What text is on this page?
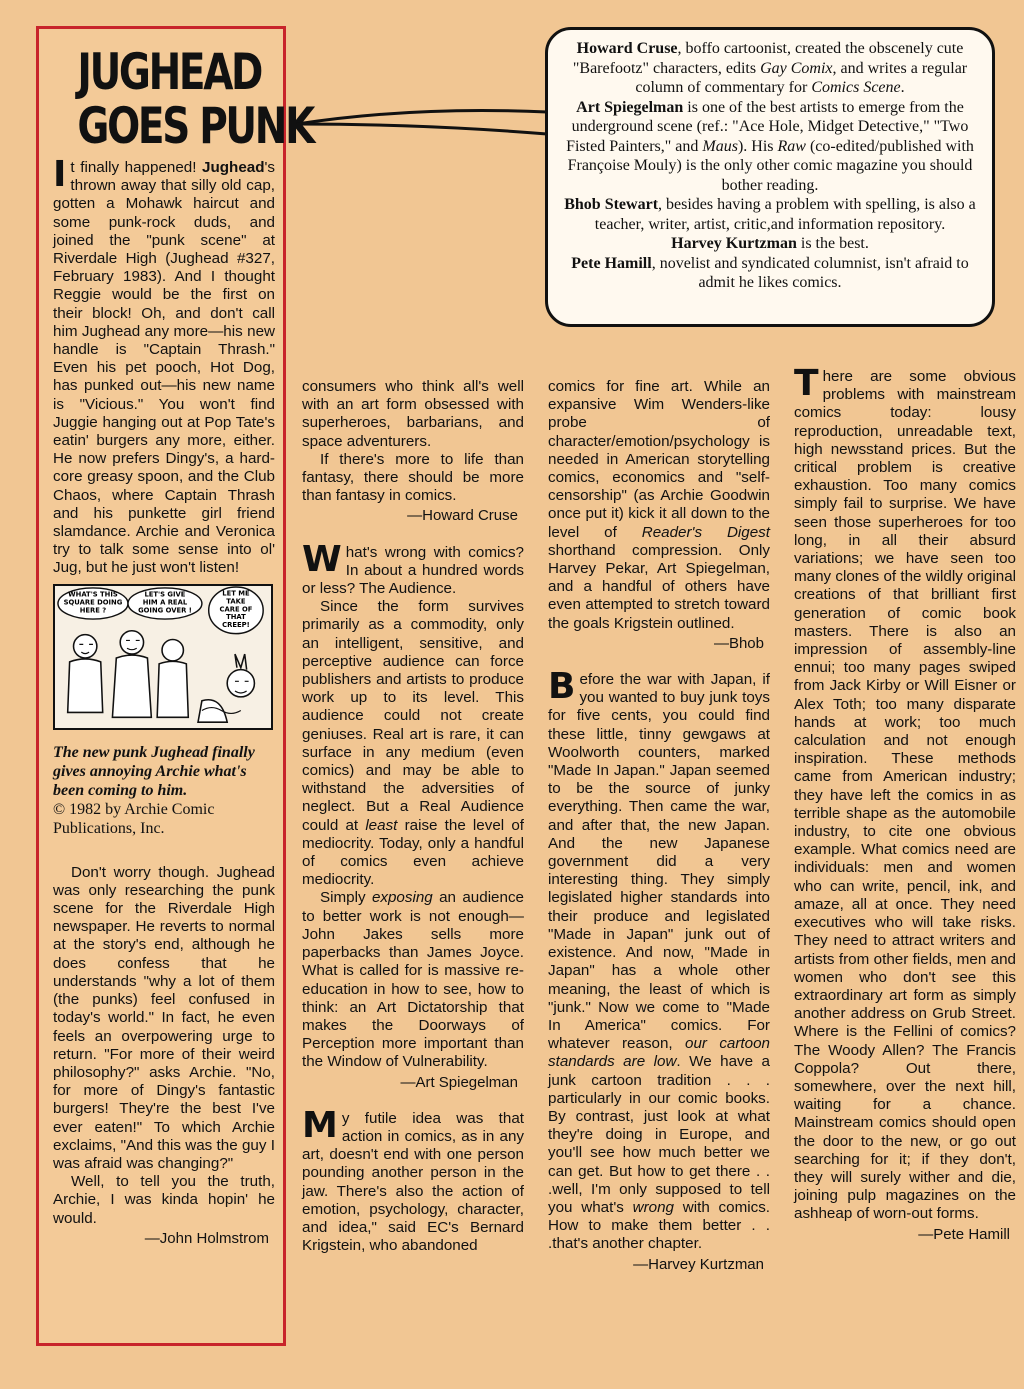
JUGHEAD
GOES PUNK

It finally happened! Jughead's thrown away that silly old cap, gotten a Mohawk haircut and some punk-rock duds, and joined the "punk scene" at Riverdale High (Jughead #327, February 1983). And I thought Reggie would be the first on their block! Oh, and don't call him Jughead any more—his new handle is "Captain Thrash." Even his pet pooch, Hot Dog, has punked out—his new name is "Vicious." You won't find Juggie hanging out at Pop Tate's eatin' burgers any more, either. He now prefers Dingy's, a hard-core greasy spoon, and the Club Chaos, where Captain Thrash and his punkette girl friend slamdance. Archie and Veronica try to talk some sense into ol' Jug, but he just won't listen!

WHAT'S THIS
SQUARE DOING
HERE ?
LET'S GIVE
HIM A REAL
GOING OVER !
LET ME
TAKE
CARE OF
THAT
CREEP!
The new punk Jughead finally gives annoying Archie what's been coming to him.
© 1982 by Archie Comic Publications, Inc.

Don't worry though. Jughead was only researching the punk scene for the Riverdale High newspaper. He reverts to normal at the story's end, although he does confess that he understands "why a lot of them (the punks) feel confused in today's world." In fact, he even feels an overpowering urge to return. "For more of their weird philosophy?" asks Archie. "No, for more of Dingy's fantastic burgers! They're the best I've ever eaten!" To which Archie exclaims, "And this was the guy I was afraid was changing?"

Well, to tell you the truth, Archie, I was kinda hopin' he would.

—John Holmstrom

Howard Cruse, boffo cartoonist, created the obscenely cute "Barefootz" characters, edits Gay Comix, and writes a regular column of commentary for Comics Scene.

Art Spiegelman is one of the best artists to emerge from the underground scene (ref.: "Ace Hole, Midget Detective," "Two Fisted Painters," and Maus). His Raw (co-edited/published with Françoise Mouly) is the only other comic magazine you should bother reading.

Bhob Stewart, besides having a problem with spelling, is also a teacher, writer, artist, critic,and information repository.

Harvey Kurtzman is the best.

Pete Hamill, novelist and syndicated columnist, isn't afraid to admit he likes comics.

consumers who think all's well with an art form obsessed with superheroes, barbarians, and space adventurers.

If there's more to life than fantasy, there should be more than fantasy in comics.

—Howard Cruse

What's wrong with comics? In about a hundred words or less? The Audience.

Since the form survives primarily as a commodity, only an intelligent, sensitive, and perceptive audience can force publishers and artists to produce work up to its level. This audience could not create geniuses. Real art is rare, it can surface in any medium (even comics) and may be able to withstand the adversities of neglect. But a Real Audience could at least raise the level of mediocrity. Today, only a handful of comics even achieve mediocrity.

Simply exposing an audience to better work is not enough—John Jakes sells more paperbacks than James Joyce. What is called for is massive re-education in how to see, how to think: an Art Dictatorship that makes the Doorways of Perception more important than the Window of Vulnerability.

—Art Spiegelman

My futile idea was that action in comics, as in any art, doesn't end with one person pounding another person in the jaw. There's also the action of emotion, psychology, character, and idea," said EC's Bernard Krigstein, who abandoned

comics for fine art. While an expansive Wim Wenders-like probe of character/emotion/psychology is needed in American storytelling comics, economics and "self-censorship" (as Archie Goodwin once put it) kick it all down to the level of Reader's Digest shorthand compression. Only Harvey Pekar, Art Spiegelman, and a handful of others have even attempted to stretch toward the goals Krigstein outlined.

—Bhob

Before the war with Japan, if you wanted to buy junk toys for five cents, you could find these little, tinny gewgaws at Woolworth counters, marked "Made In Japan." Japan seemed to be the source of junky everything. Then came the war, and after that, the new Japan. And the new Japanese government did a very interesting thing. They simply legislated higher standards into their produce and legislated "Made in Japan" junk out of existence. And now, "Made in Japan" has a whole other meaning, the least of which is "junk." Now we come to "Made In America" comics. For whatever reason, our cartoon standards are low. We have a junk cartoon tradition . . . particularly in our comic books. By contrast, just look at what they're doing in Europe, and you'll see how much better we can get. But how to get there . . .well, I'm only supposed to tell you what's wrong with comics. How to make them better . . .that's another chapter.

—Harvey Kurtzman

There are some obvious problems with mainstream comics today: lousy reproduction, unreadable text, high newsstand prices. But the critical problem is creative exhaustion. Too many comics simply fail to surprise. We have seen those superheroes for too long, in all their absurd variations; we have seen too many clones of the wildly original creations of that brilliant first generation of comic book masters. There is also an impression of assembly-line ennui; too many pages swiped from Jack Kirby or Will Eisner or Alex Toth; too many disparate hands at work; too much calculation and not enough inspiration. These methods came from American industry; they have left the comics in as terrible shape as the automobile industry, to cite one obvious example. What comics need are individuals: men and women who can write, pencil, ink, and amaze, all at once. They need executives who will take risks. They need to attract writers and artists from other fields, men and women who don't see this extraordinary art form as simply another address on Grub Street. Where is the Fellini of comics? The Woody Allen? The Francis Coppola? Out there, somewhere, over the next hill, waiting for a chance. Mainstream comics should open the door to the new, or go out searching for it; if they don't, they will surely wither and die, joining pulp magazines on the ashheap of worn-out forms.

—Pete Hamill
